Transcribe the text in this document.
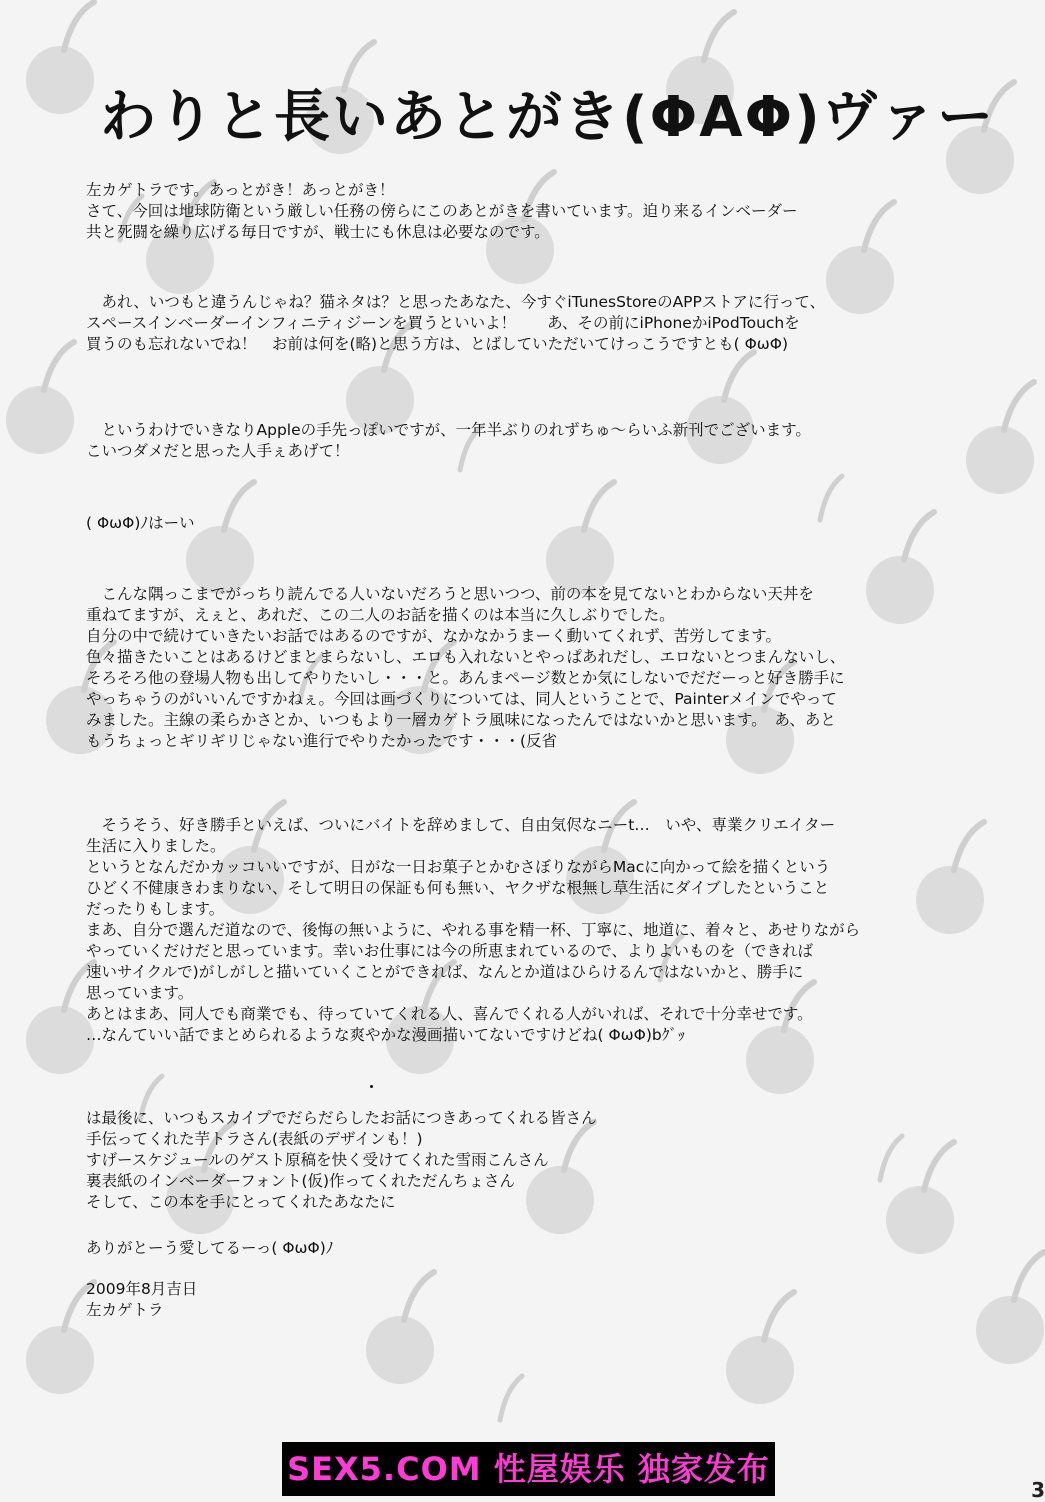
わりと長いあとがき(ΦAΦ)ヴァー
左カゲトラです。あっとがき！あっとがき！
さて、今回は地球防衛という厳しい任務の傍らにこのあとがきを書いています。迫り来るインベーダー
共と死闘を繰り広げる毎日ですが、戦士にも休息は必要なのです。
　あれ、いつもと違うんじゃね？猫ネタは？と思ったあなた、今すぐiTunesStoreのAPPストアに行って、
スペースインベーダーインフィニティジーンを買うといいよ！　　あ、その前にiPhoneかiPodTouchを
買うのも忘れないでね！　お前は何を(略)と思う方は、とばしていただいてけっこうですとも( ΦωΦ)
　というわけでいきなりAppleの手先っぽいですが、一年半ぶりのれずちゅ～らいふ新刊でございます。
こいつダメだと思った人手ぇあげて！
( ΦωΦ)ﾉはーい
　こんな隅っこまでがっちり読んでる人いないだろうと思いつつ、前の本を見てないとわからない天丼を
重ねてますが、えぇと、あれだ、この二人のお話を描くのは本当に久しぶりでした。
自分の中で続けていきたいお話ではあるのですが、なかなかうまーく動いてくれず、苦労してます。
色々描きたいことはあるけどまとまらないし、エロも入れないとやっぱあれだし、エロないとつまんないし、
そろそろ他の登場人物も出してやりたいし・・・と。あんまページ数とか気にしないでだだーっと好き勝手に
やっちゃうのがいいんですかねぇ。今回は画づくりについては、同人ということで、Painterメインでやって
みました。主線の柔らかさとか、いつもより一層カゲトラ風味になったんではないかと思います。　あ、あと
もうちょっとギリギリじゃない進行でやりたかったです・・・(反省
　そうそう、好き勝手といえば、ついにバイトを辞めまして、自由気侭なニーt…　いや、専業クリエイター
生活に入りました。
というとなんだかカッコいいですが、日がな一日お菓子とかむさぼりながらMacに向かって絵を描くという
ひどく不健康きわまりない、そして明日の保証も何も無い、ヤクザな根無し草生活にダイブしたということ
だったりもします。
まあ、自分で選んだ道なので、後悔の無いように、やれる事を精一杯、丁寧に、地道に、着々と、あせりながら
やっていくだけだと思っています。幸いお仕事には今の所恵まれているので、よりよいものを（できれば
速いサイクルで)がしがしと描いていくことができれば、なんとか道はひらけるんではないかと、勝手に
思っています。
あとはまあ、同人でも商業でも、待っていてくれる人、喜んでくれる人がいれば、それで十分幸せです。
…なんていい話でまとめられるような爽やかな漫画描いてないですけどね( ΦωΦ)bｸﾞｯ
は最後に、いつもスカイプでだらだらしたお話につきあってくれる皆さん
手伝ってくれた芋トラさん(表紙のデザインも！)
すげースケジュールのゲスト原稿を快く受けてくれた雪雨こんさん
裏表紙のインベーダーフォント(仮)作ってくれただんちょさん
そして、この本を手にとってくれたあなたに
ありがとーう愛してるーっ( ΦωΦ)ﾉ
2009年8月吉日
左カゲトラ
SEX5.COM 性屋娱乐 独家发布
3
